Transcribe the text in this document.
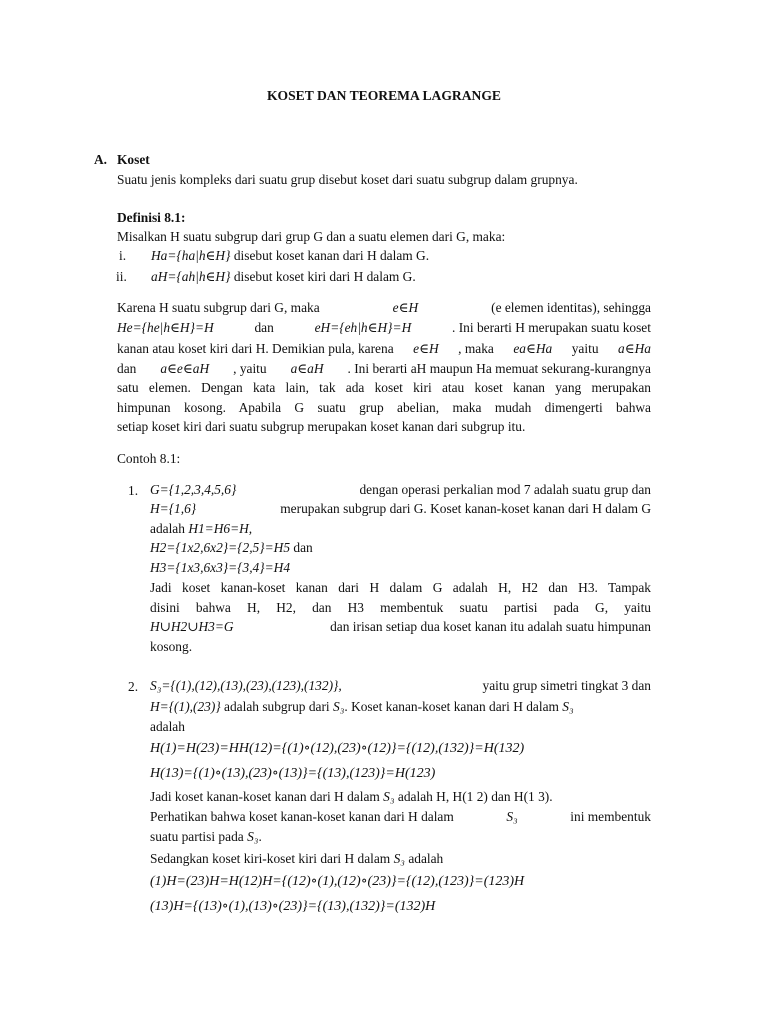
KOSET DAN TEOREMA LAGRANGE
A. Koset
Suatu jenis kompleks dari suatu grup disebut koset dari suatu subgrup dalam grupnya.
Definisi 8.1:
Misalkan H suatu subgrup dari grup G dan a suatu elemen dari G, maka:
i. Ha={ha|h∈H} disebut koset kanan dari H dalam G.
ii. aH={ah|h∈H} disebut koset kiri dari H dalam G.
Karena H suatu subgrup dari G, maka	e∈H	(e elemen identitas), sehingga
He={he|h∈H}=H	dan	eH={eh|h∈H}=H	. Ini berarti H merupakan suatu koset
kanan atau koset kiri dari H. Demikian pula, karena e∈H , maka ea∈Ha yaitu a∈Ha
dan a∈e∈aH , yaitu a∈aH . Ini berarti aH maupun Ha memuat sekurang-kurangnya
satu elemen. Dengan kata lain, tak ada koset kiri atau koset kanan yang merupakan
himpunan kosong. Apabila G suatu grup abelian, maka mudah dimengerti bahwa
setiap koset kiri dari suatu subgrup merupakan koset kanan dari subgrup itu.
Contoh 8.1:
1. G={1,2,3,4,5,6}	dengan operasi perkalian mod 7 adalah suatu grup dan
H={1,6}	merupakan subgrup dari G. Koset kanan-koset kanan dari H dalam G
adalah H1=H6=H,
H2={1x2,6x2}={2,5}=H5 dan
H3={1x3,6x3}={3,4}=H4
Jadi koset kanan-koset kanan dari H dalam G adalah H, H2 dan H3. Tampak
disini bahwa H, H2, dan H3 membentuk suatu partisi pada G, yaitu
H∪H2∪H3=G	dan irisan setiap dua koset kanan itu adalah suatu himpunan
kosong.
2. S₃={(1),(12),(13),(23),(123),(132)},	yaitu grup simetri tingkat 3 dan
H={(1),(23)} adalah subgrup dari S₃. Koset kanan-koset kanan dari H dalam S₃
adalah
H(1)=H(23)=HH(12)={(1)∘(12),(23)∘(12)}={(12),(132)}=H(132)
H(13)={(1)∘(13),(23)∘(13)}={(13),(123)}=H(123)
Jadi koset kanan-koset kanan dari H dalam S₃ adalah H, H(1 2) dan H(1 3).
Perhatikan bahwa koset kanan-koset kanan dari H dalam	S₃	ini membentuk
suatu partisi pada S₃.
Sedangkan koset kiri-koset kiri dari H dalam S₃ adalah
(1)H=(23)H=H(12)H={(12)∘(1),(12)∘(23)}={(12),(123)}=(123)H
(13)H={(13)∘(1),(13)∘(23)}={(13),(132)}=(132)H
